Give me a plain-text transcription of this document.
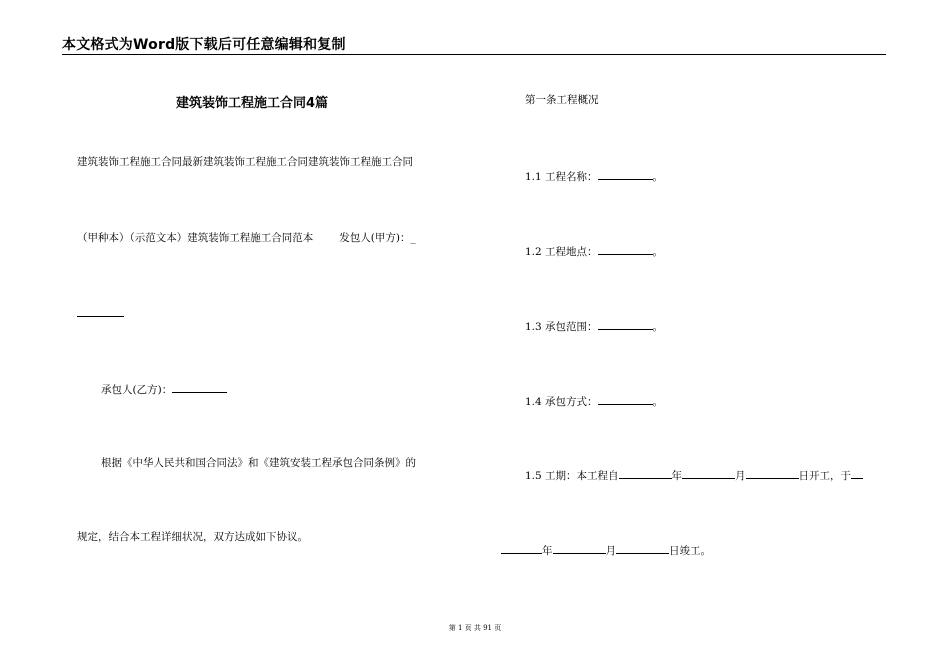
本文格式为Word版下载后可任意编辑和复制
建筑装饰工程施工合同4篇
建筑装饰工程施工合同最新建筑装饰工程施工合同建筑装饰工程施工合同
（甲种本）（示范文本）建筑装饰工程施工合同范本 发包人(甲方)：_
承包人(乙方)：
根据《中华人民共和国合同法》和《建筑安装工程承包合同条例》的
规定，结合本工程详细状况，双方达成如下协议。
第一条工程概况
1.1 工程名称：	。
1.2 工程地点：	。
1.3 承包范围：	。
1.4 承包方式：	。
1.5 工期：本工程自	年	月	日开工，于
年	月	日竣工。
第 1 页 共 91 页
